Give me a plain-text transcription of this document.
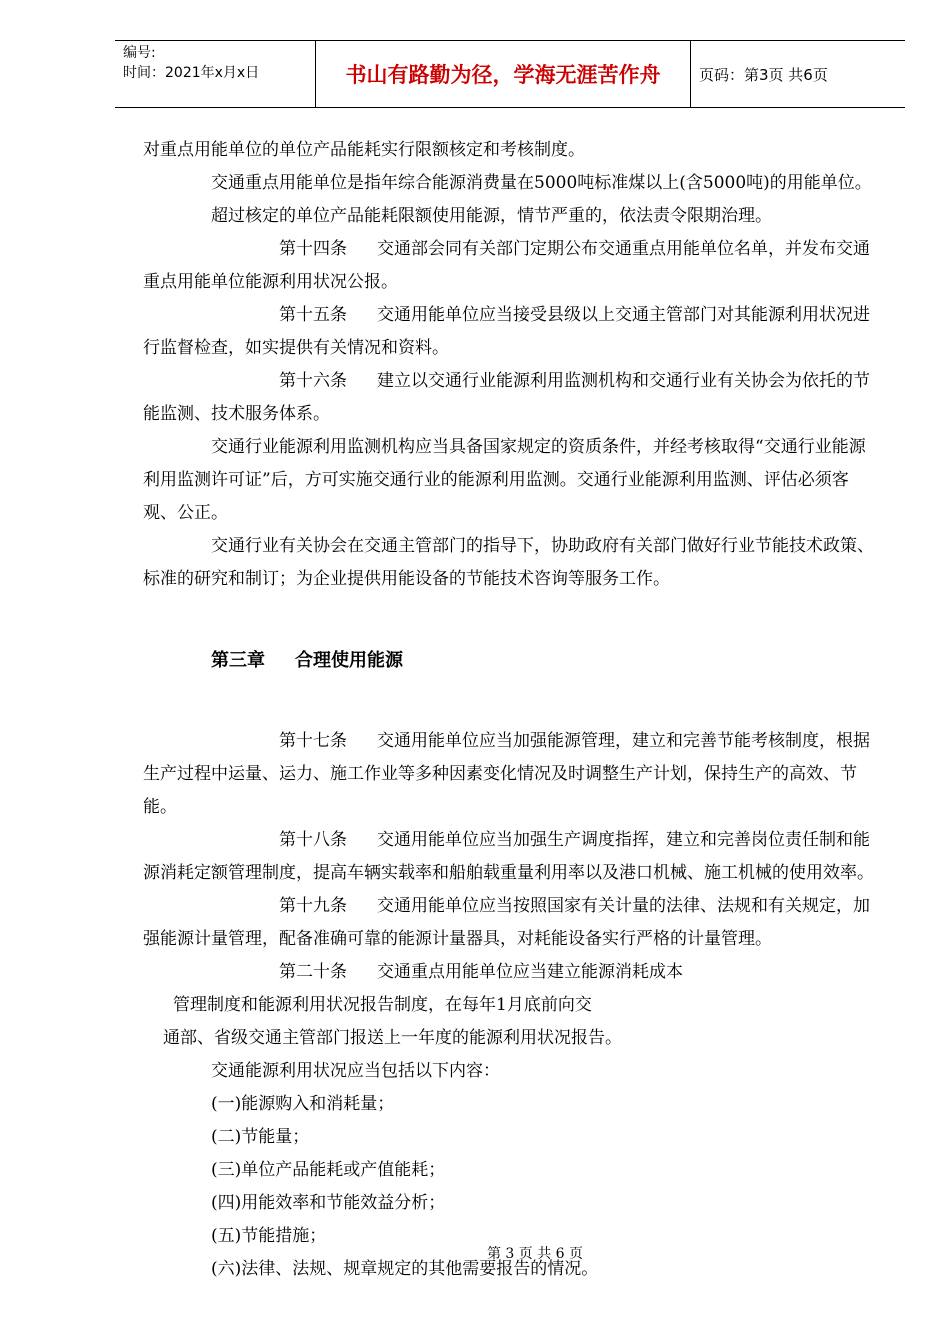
编号:
时间：2021年x月x日	书山有路勤为径，学海无涯苦作舟	页码：第3页 共6页

对重点用能单位的单位产品能耗实行限额核定和考核制度。

交通重点用能单位是指年综合能源消费量在5000吨标准煤以上(含5000吨)的用能单位。

超过核定的单位产品能耗限额使用能源，情节严重的，依法责令限期治理。

第十四条 交通部会同有关部门定期公布交通重点用能单位名单，并发布交通重点用能单位能源利用状况公报。

第十五条 交通用能单位应当接受县级以上交通主管部门对其能源利用状况进行监督检查，如实提供有关情况和资料。

第十六条 建立以交通行业能源利用监测机构和交通行业有关协会为依托的节能监测、技术服务体系。

交通行业能源利用监测机构应当具备国家规定的资质条件，并经考核取得“交通行业能源利用监测许可证”后，方可实施交通行业的能源利用监测。交通行业能源利用监测、评估必须客观、公正。

交通行业有关协会在交通主管部门的指导下，协助政府有关部门做好行业节能技术政策、标准的研究和制订；为企业提供用能设备的节能技术咨询等服务工作。

第三章 合理使用能源

第十七条 交通用能单位应当加强能源管理，建立和完善节能考核制度，根据生产过程中运量、运力、施工作业等多种因素变化情况及时调整生产计划，保持生产的高效、节能。

第十八条 交通用能单位应当加强生产调度指挥，建立和完善岗位责任制和能源消耗定额管理制度，提高车辆实载率和船舶载重量利用率以及港口机械、施工机械的使用效率。

第十九条 交通用能单位应当按照国家有关计量的法律、法规和有关规定，加强能源计量管理，配备准确可靠的能源计量器具，对耗能设备实行严格的计量管理。

第二十条 交通重点用能单位应当建立能源消耗成本

管理制度和能源利用状况报告制度，在每年1月底前向交

通部、省级交通主管部门报送上一年度的能源利用状况报告。

交通能源利用状况应当包括以下内容：

(一)能源购入和消耗量；

(二)节能量；

(三)单位产品能耗或产值能耗；

(四)用能效率和节能效益分析；

(五)节能措施；

(六)法律、法规、规章规定的其他需要报告的情况。

第 3 页 共 6 页
